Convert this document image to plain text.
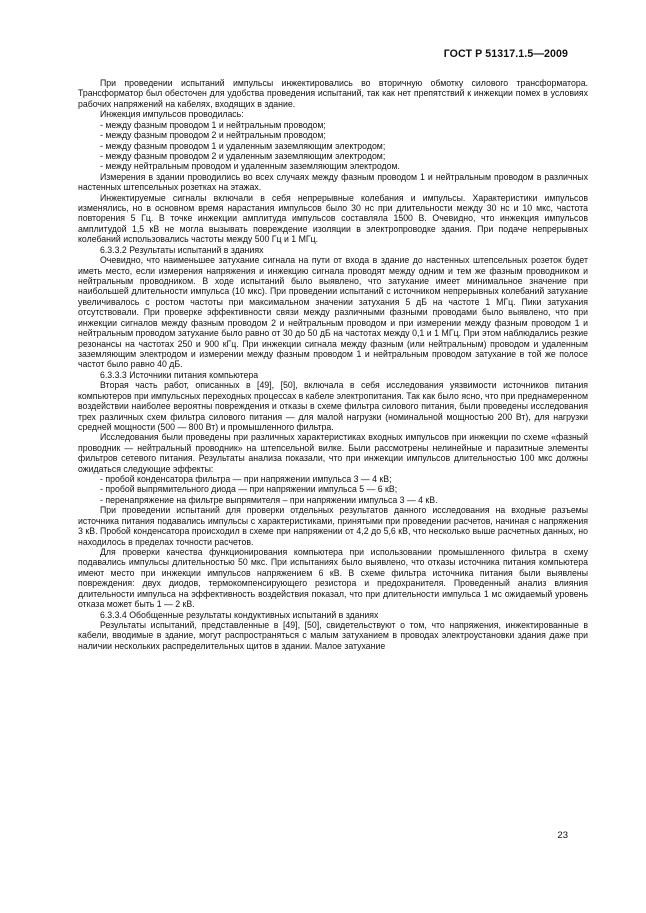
ГОСТ Р 51317.1.5—2009

При проведении испытаний импульсы инжектировались во вторичную обмотку силового трансформатора. Трансформатор был обесточен для удобства проведения испытаний, так как нет препятствий к инжекции помех в условиях рабочих напряжений на кабелях, входящих в здание.

Инжекция импульсов проводилась:

- между фазным проводом 1 и нейтральным проводом;

- между фазным проводом 2 и нейтральным проводом;

- между фазным проводом 1 и удаленным заземляющим электродом;

- между фазным проводом 2 и удаленным заземляющим электродом;

- между нейтральным проводом и удаленным заземляющим электродом.

Измерения в здании проводились во всех случаях между фазным проводом 1 и нейтральным проводом в различных настенных штепсельных розетках на этажах.

Инжектируемые сигналы включали в себя непрерывные колебания и импульсы. Характеристики импульсов изменялись, но в основном время нарастания импульсов было 30 нс при длительности между 30 нс и 10 мкс, частота повторения 5 Гц. В точке инжекции амплитуда импульсов составляла 1500 В. Очевидно, что инжекция импульсов амплитудой 1,5 кВ не могла вызывать повреждение изоляции в электропроводке здания. При подаче непрерывных колебаний использовались частоты между 500 Гц и 1 МГц.

6.3.3.2 Результаты испытаний в зданиях

Очевидно, что наименьшее затухание сигнала на пути от входа в здание до настенных штепсельных розеток будет иметь место, если измерения напряжения и инжекцию сигнала проводят между одним и тем же фазным проводником и нейтральным проводником. В ходе испытаний было выявлено, что затухание имеет минимальное значение при наибольшей длительности импульса (10 мкс). При проведении испытаний с источником непрерывных колебаний затухание увеличивалось с ростом частоты при максимальном значении затухания 5 дБ на частоте 1 МГц. Пики затухания отсутствовали. При проверке эффективности связи между различными фазными проводами было выявлено, что при инжекции сигналов между фазным проводом 2 и нейтральным проводом и при измерении между фазным проводом 1 и нейтральным проводом затухание было равно от 30 до 50 дБ на частотах между 0,1 и 1 МГц. При этом наблюдались резкие резонансы на частотах 250 и 900 кГц. При инжекции сигнала между фазным (или нейтральным) проводом и удаленным заземляющим электродом и измерении между фазным проводом 1 и нейтральным проводом затухание в той же полосе частот было равно 40 дБ.

6.3.3.3 Источники питания компьютера

Вторая часть работ, описанных в [49], [50], включала в себя исследования уязвимости источников питания компьютеров при импульсных переходных процессах в кабеле электропитания. Так как было ясно, что при преднамеренном воздействии наиболее вероятны повреждения и отказы в схеме фильтра силового питания, были проведены исследования трех различных схем фильтра силового питания — для малой нагрузки (номинальной мощностью 200 Вт), для нагрузки средней мощности (500 — 800 Вт) и промышленного фильтра.

Исследования были проведены при различных характеристиках входных импульсов при инжекции по схеме «фазный проводник — нейтральный проводник» на штепсельной вилке. Были рассмотрены нелинейные и паразитные элементы фильтров сетевого питания. Результаты анализа показали, что при инжекции импульсов длительностью 100 мкс должны ожидаться следующие эффекты:

- пробой конденсатора фильтра — при напряжении импульса 3 — 4 кВ;

- пробой выпрямительного диода — при напряжении импульса 5 — 6 кВ;

- перенапряжение на фильтре выпрямителя – при напряжении импульса 3 — 4 кВ.

При проведении испытаний для проверки отдельных результатов данного исследования на входные разъемы источника питания подавались импульсы с характеристиками, принятыми при проведении расчетов, начиная с напряжения 3 кВ. Пробой конденсатора происходил в схеме при напряжении от 4,2 до 5,6 кВ, что несколько выше расчетных данных, но находилось в пределах точности расчетов.

Для проверки качества функционирования компьютера при использовании промышленного фильтра в схему подавались импульсы длительностью 50 мкс. При испытаниях было выявлено, что отказы источника питания компьютера имеют место при инжекции импульсов напряжением 6 кВ. В схеме фильтра источника питания были выявлены повреждения: двух диодов, термокомпенсирующего резистора и предохранителя. Проведенный анализ влияния длительности импульса на эффективность воздействия показал, что при длительности импульса 1 мс ожидаемый уровень отказа может быть 1 — 2 кВ.

6.3.3.4 Обобщенные результаты кондуктивных испытаний в зданиях

Результаты испытаний, представленные в [49], [50], свидетельствуют о том, что напряжения, инжектированные в кабели, вводимые в здание, могут распространяться с малым затуханием в проводах электроустановки здания даже при наличии нескольких распределительных щитов в здании. Малое затухание

23
